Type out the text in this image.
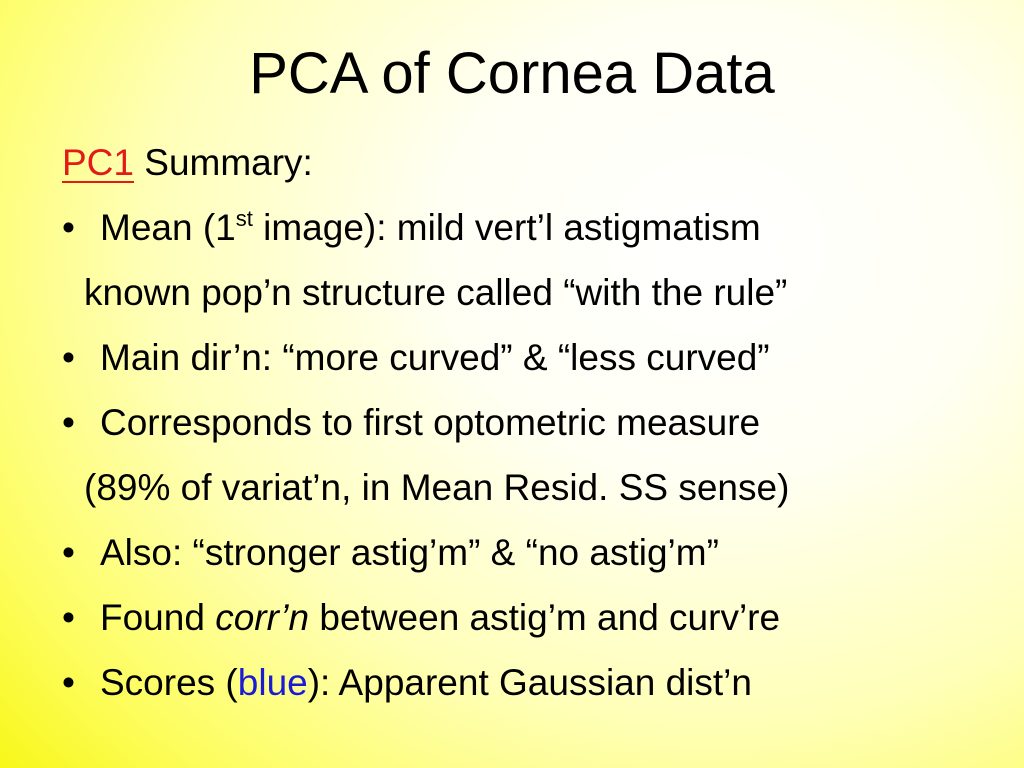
PCA of Cornea Data
PC1 Summary:
• Mean (1st image): mild vert’l astigmatism
known pop’n structure called “with the rule”
• Main dir’n: “more curved” & “less curved”
• Corresponds to first optometric measure
(89% of variat’n, in Mean Resid. SS sense)
• Also: “stronger astig’m” & “no astig’m”
• Found corr’n between astig’m and curv’re
• Scores (blue): Apparent Gaussian dist’n
